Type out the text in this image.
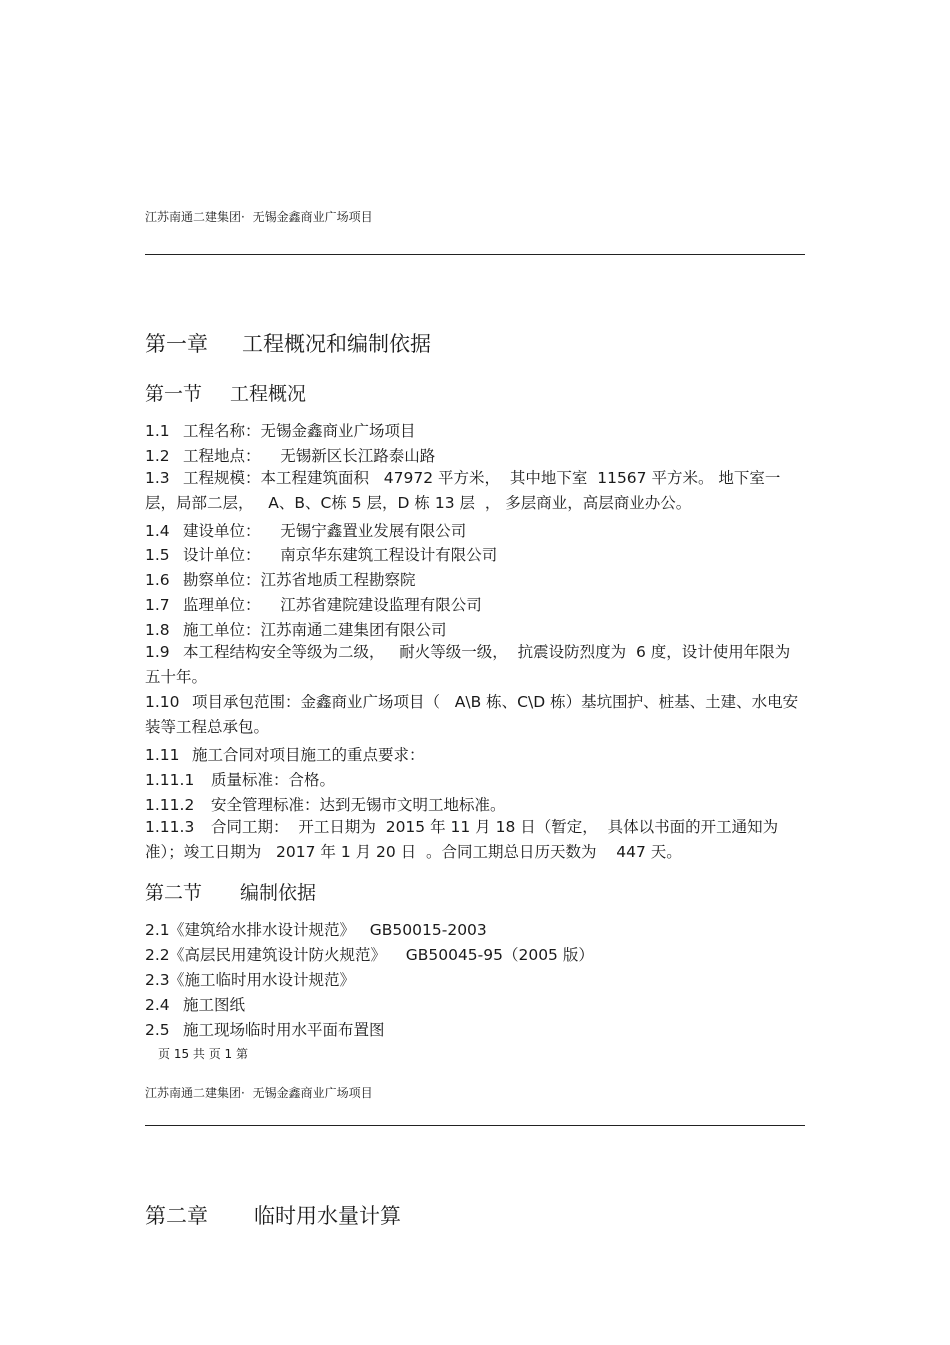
江苏南通二建集团· 无锡金鑫商业广场项目
第一章 工程概况和编制依据
第一节 工程概况
1.1 工程名称：无锡金鑫商业广场项目
1.2 工程地点：    无锡新区长江路泰山路
1.3 工程规模：本工程建筑面积   47972 平方米，  其中地下室  11567 平方米。 地下室一层，局部二层，   A、B、C栋 5 层，D 栋 13 层  ， 多层商业，高层商业办公。
1.4 建设单位：    无锡宁鑫置业发展有限公司
1.5 设计单位：    南京华东建筑工程设计有限公司
1.6 勘察单位：江苏省地质工程勘察院
1.7 监理单位：    江苏省建院建设监理有限公司
1.8 施工单位：江苏南通二建集团有限公司
1.9 本工程结构安全等级为二级，   耐火等级一级，  抗震设防烈度为  6 度，设计使用年限为五十年。
1.10 项目承包范围：金鑫商业广场项目（   A\B 栋、C\D 栋）基坑围护、桩基、土建、水电安装等工程总承包。
1.11 施工合同对项目施工的重点要求：
1.11.1 质量标准：合格。
1.11.2 安全管理标准：达到无锡市文明工地标准。
1.11.3 合同工期：  开工日期为  2015 年 11 月 18 日（暂定，  具体以书面的开工通知为准）；竣工日期为   2017 年 1 月 20 日  。合同工期总日历天数为    447 天。
第二节 编制依据
2.1《建筑给水排水设计规范》   GB50015-2003
2.2《高层民用建筑设计防火规范》    GB50045-95（2005 版）
2.3《施工临时用水设计规范》
2.4 施工图纸
2.5 施工现场临时用水平面布置图
页 15 共 页 1 第
江苏南通二建集团· 无锡金鑫商业广场项目
第二章 临时用水量计算
